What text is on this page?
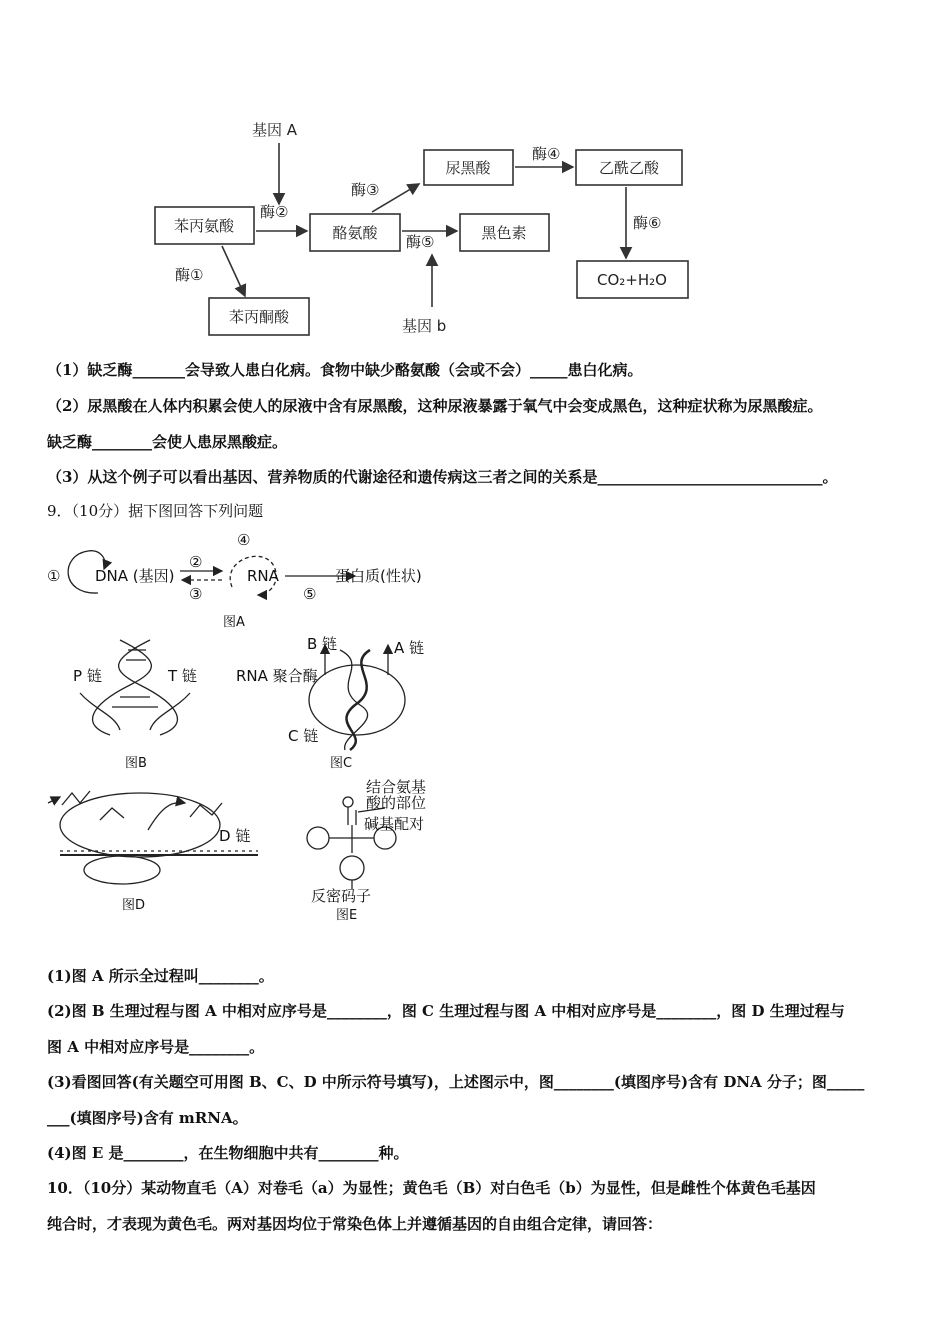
苯丙氨酸	酪氨酸
尿黑酸	乙酰乙酸
黑色素
CO₂+H₂O
苯丙酮酸
基因 A
基因 b
酶②
酶①
酶③
酶⑤
酶④
酶⑥
（1）缺乏酶_______会导致人患白化病。食物中缺少酪氨酸（会或不会）_____患白化病。
（2）尿黑酸在人体内积累会使人的尿液中含有尿黑酸，这种尿液暴露于氧气中会变成黑色，这种症状称为尿黑酸症。
缺乏酶________会使人患尿黑酸症。
（3）从这个例子可以看出基因、营养物质的代谢途径和遗传病这三者之间的关系是______________________________。
9．（10分）据下图回答下列问题
① DNA (基因)
②
③
④
RNA
⑤
蛋白质(性状)
图A
P 链	T 链
图B
B 链	A 链
RNA 聚合酶
C 链
图C
D 链
图D
结合氨基
酸的部位
碱基配对
反密码子
图E
(1)图 A 所示全过程叫________。
(2)图 B 生理过程与图 A 中相对应序号是________，图 C 生理过程与图 A 中相对应序号是________，图 D 生理过程与
图 A 中相对应序号是________。
(3)看图回答(有关题空可用图 B、C、D 中所示符号填写)，上述图示中，图________(填图序号)含有 DNA 分子；图_____
___(填图序号)含有 mRNA。
(4)图 E 是________，在生物细胞中共有________种。
10．（10分）某动物直毛（A）对卷毛（a）为显性；黄色毛（B）对白色毛（b）为显性，但是雌性个体黄色毛基因
纯合时，才表现为黄色毛。两对基因均位于常染色体上并遵循基因的自由组合定律，请回答：
